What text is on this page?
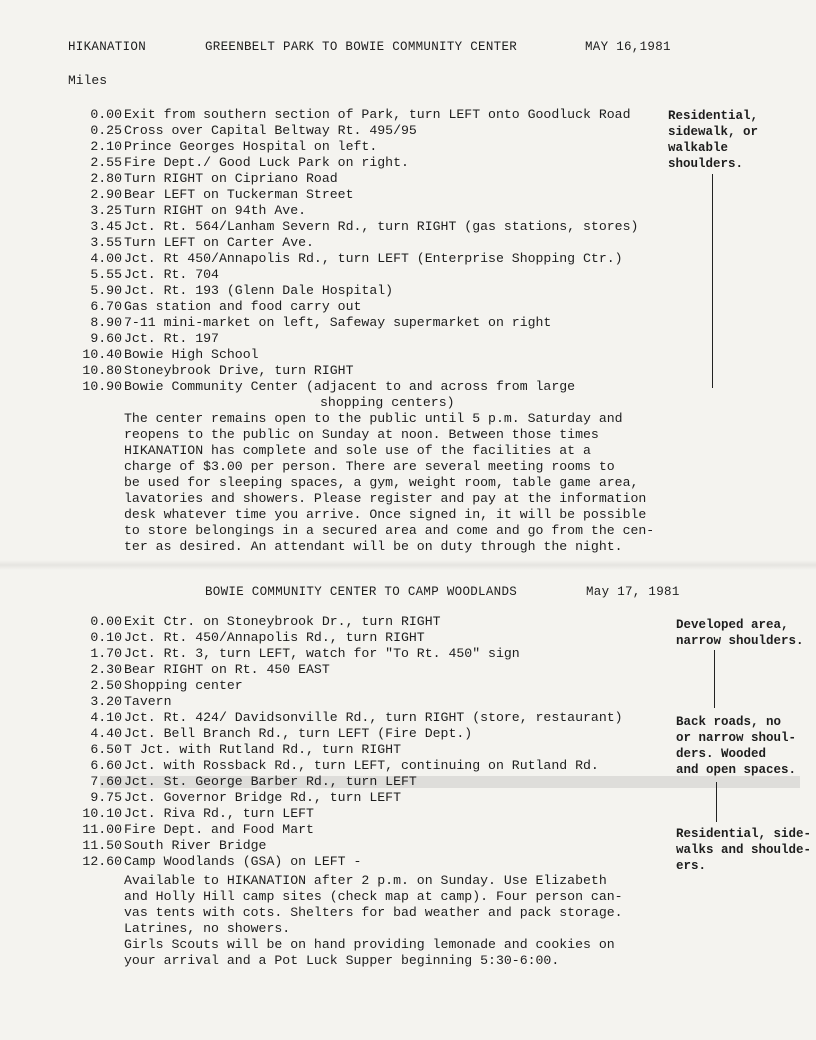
HIKANATION	GREENBELT PARK TO BOWIE COMMUNITY CENTER	MAY 16,1981
Miles
0.00 Exit from southern section of Park, turn LEFT onto Goodluck Road
0.25 Cross over Capital Beltway Rt. 495/95
2.10 Prince Georges Hospital on left.
2.55 Fire Dept./ Good Luck Park on right.
2.80 Turn RIGHT on Cipriano Road
2.90 Bear LEFT on Tuckerman Street
3.25 Turn RIGHT on 94th Ave.
3.45 Jct. Rt. 564/Lanham Severn Rd., turn RIGHT (gas stations, stores)
3.55 Turn LEFT on Carter Ave.
4.00 Jct. Rt 450/Annapolis Rd., turn LEFT (Enterprise Shopping Ctr.)
5.55 Jct. Rt. 704
5.90 Jct. Rt. 193 (Glenn Dale Hospital)
6.70 Gas station and food carry out
8.90 7-11 mini-market on left, Safeway supermarket on right
9.60 Jct. Rt. 197
10.40 Bowie High School
10.80 Stoneybrook Drive, turn RIGHT
10.90 Bowie Community Center (adjacent to and across from large
shopping centers)
The center remains open to the public until 5 p.m. Saturday and
reopens to the public on Sunday at noon. Between those times
HIKANATION has complete and sole use of the facilities at a
charge of $3.00 per person. There are several meeting rooms to
be used for sleeping spaces, a gym, weight room, table game area,
lavatories and showers. Please register and pay at the information
desk whatever time you arrive. Once signed in, it will be possible
to store belongings in a secured area and come and go from the cen-
ter as desired. An attendant will be on duty through the night.
Residential,
sidewalk, or
walkable
shoulders.
BOWIE COMMUNITY CENTER TO CAMP WOODLANDS	May 17, 1981
0.00 Exit Ctr. on Stoneybrook Dr., turn RIGHT
0.10 Jct. Rt. 450/Annapolis Rd., turn RIGHT
1.70 Jct. Rt. 3, turn LEFT, watch for "To Rt. 450" sign
2.30 Bear RIGHT on Rt. 450 EAST
2.50 Shopping center
3.20 Tavern
4.10 Jct. Rt. 424/ Davidsonville Rd., turn RIGHT (store, restaurant)
4.40 Jct. Bell Branch Rd., turn LEFT (Fire Dept.)
6.50 T Jct. with Rutland Rd., turn RIGHT
6.60 Jct. with Rossback Rd., turn LEFT, continuing on Rutland Rd.
7.60 Jct. St. George Barber Rd., turn LEFT
9.75 Jct. Governor Bridge Rd., turn LEFT
10.10 Jct. Riva Rd., turn LEFT
11.00 Fire Dept. and Food Mart
11.50 South River Bridge
12.60 Camp Woodlands (GSA) on LEFT -
Available to HIKANATION after 2 p.m. on Sunday. Use Elizabeth
and Holly Hill camp sites (check map at camp). Four person can-
vas tents with cots. Shelters for bad weather and pack storage.
Latrines, no showers.
Girls Scouts will be on hand providing lemonade and cookies on
your arrival and a Pot Luck Supper beginning 5:30-6:00.
Developed area,
narrow shoulders.
Back roads, no
or narrow shoul-
ders. Wooded
and open spaces.
Residential, side-
walks and shoulde-
ers.
